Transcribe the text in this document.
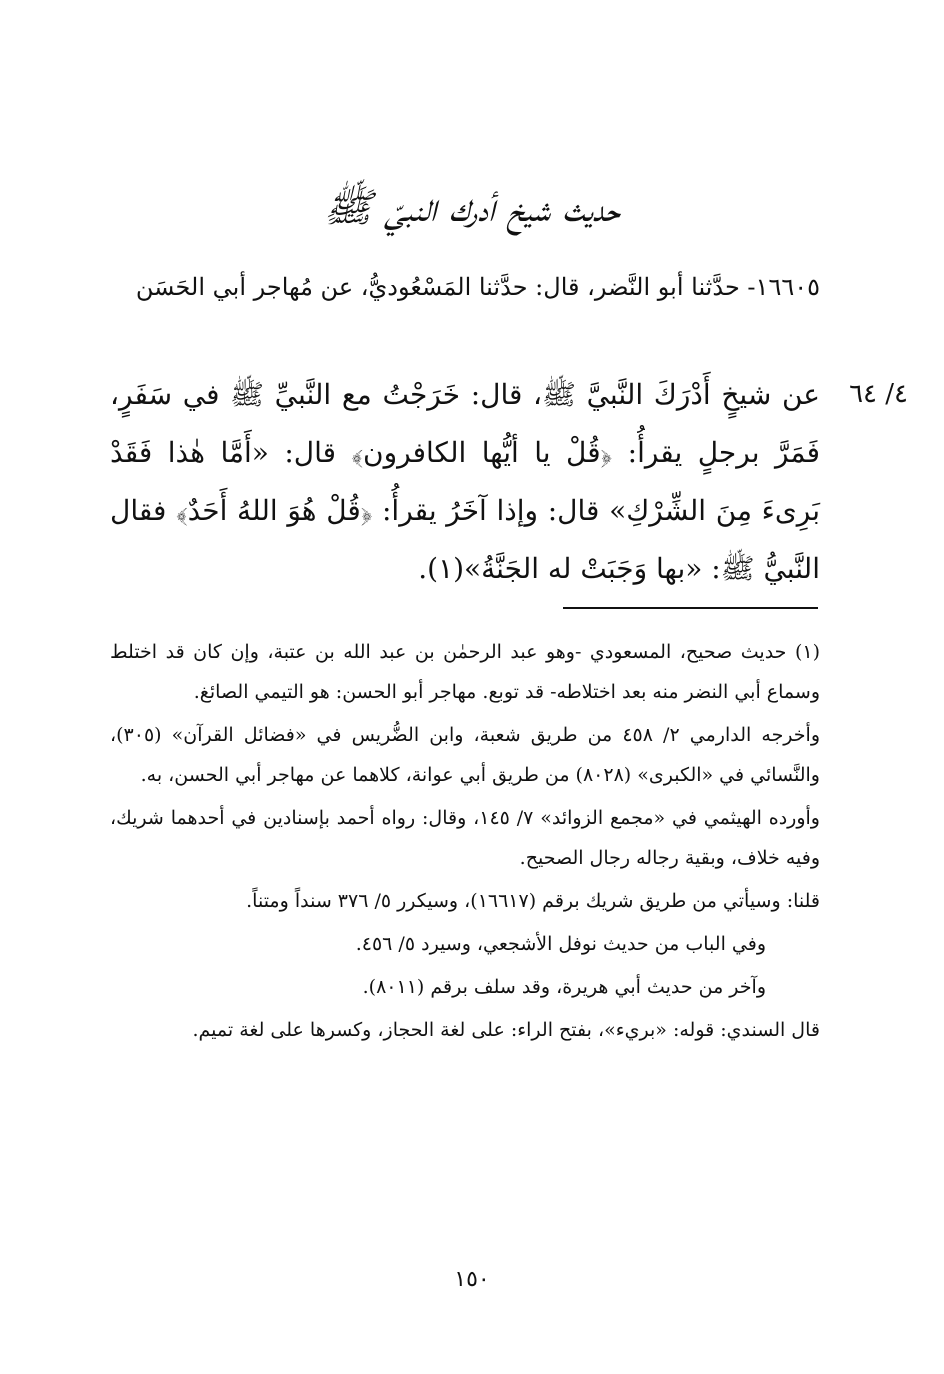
حديث شيخ أدرك النبيّ ﷺ
١٦٦٠٥- حدَّثنا أبو النَّضر، قال: حدَّثنا المَسْعُوديُّ، عن مُهاجر أبي الحَسَن
٤/ ٦٤
عن شيخٍ أَدْرَكَ النَّبيَّ ﷺ، قال: خَرَجْتُ مع النَّبيِّ ﷺ في سَفَرٍ، فَمَرَّ برجلٍ يقرأُ: ﴿قُلْ يا أيُّها الكافرون﴾ قال: «أَمَّا هٰذا فَقَدْ بَرِىءَ مِنَ الشِّرْكِ» قال: وإذا آخَرُ يقرأُ: ﴿قُلْ هُوَ اللهُ أَحَدٌ﴾ فقال النَّبيُّ ﷺ: «بها وَجَبَتْ له الجَنَّةُ»(١).

(١) حديث صحيح، المسعودي -وهو عبد الرحمٰن بن عبد الله بن عتبة، وإن كان قد اختلط وسماع أبي النضر منه بعد اختلاطه- قد توبع. مهاجر أبو الحسن: هو التيمي الصائغ.

وأخرجه الدارمي ٢/ ٤٥٨ من طريق شعبة، وابن الضُّريس في «فضائل القرآن» (٣٠٥)، والنَّسائي في «الكبرى» (٨٠٢٨) من طريق أبي عوانة، كلاهما عن مهاجر أبي الحسن، به.

وأورده الهيثمي في «مجمع الزوائد» ٧/ ١٤٥، وقال: رواه أحمد بإسنادين في أحدهما شريك، وفيه خلاف، وبقية رجاله رجال الصحيح.

قلنا: وسيأتي من طريق شريك برقم (١٦٦١٧)، وسيكرر ٥/ ٣٧٦ سنداً ومتناً.

وفي الباب من حديث نوفل الأشجعي، وسيرد ٥/ ٤٥٦.

وآخر من حديث أبي هريرة، وقد سلف برقم (٨٠١١).

قال السندي: قوله: «بريء»، بفتح الراء: على لغة الحجاز، وكسرها على لغة تميم.

١٥٠
